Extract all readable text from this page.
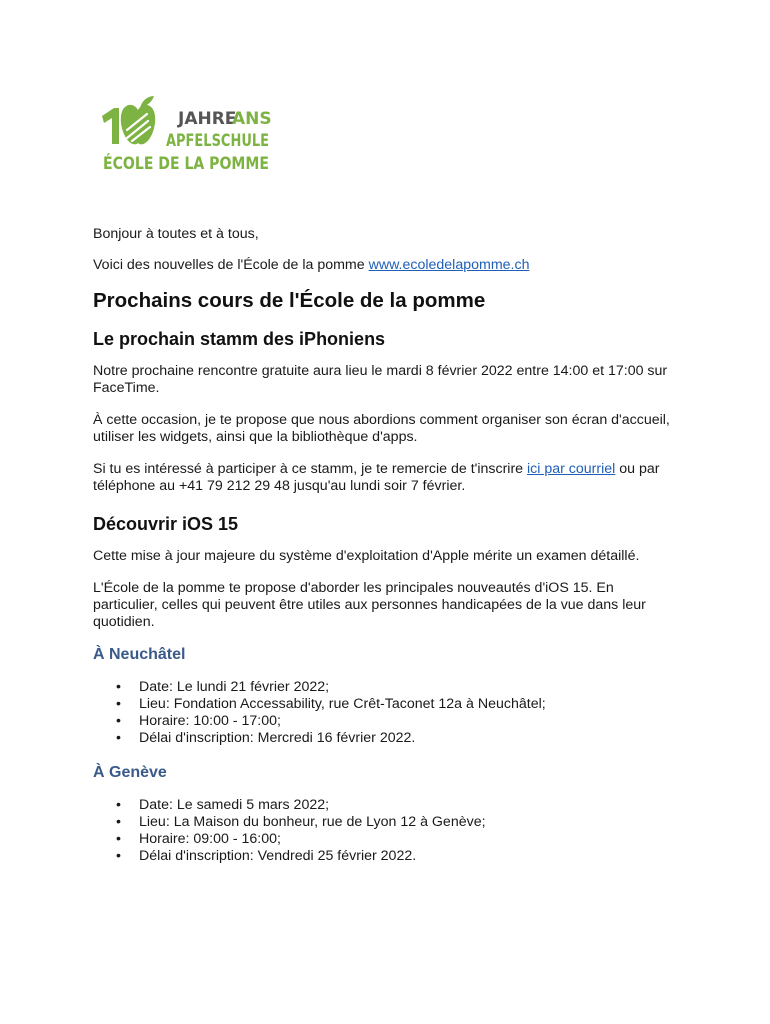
JAHRE
ANS
APFELSCHULE
ÉCOLE DE LA POMME

Bonjour à toutes et à tous,

Voici des nouvelles de l'École de la pomme www.ecoledelapomme.ch

Prochains cours de l'École de la pomme
Le prochain stamm des iPhoniens

Notre prochaine rencontre gratuite aura lieu le mardi 8 février 2022 entre 14:00 et 17:00 sur FaceTime.

À cette occasion, je te propose que nous abordions comment organiser son écran d'accueil, utiliser les widgets, ainsi que la bibliothèque d'apps.

Si tu es intéressé à participer à ce stamm, je te remercie de t'inscrire ici par courriel ou par téléphone au +41 79 212 29 48 jusqu'au lundi soir 7 février.

Découvrir iOS 15

Cette mise à jour majeure du système d'exploitation d'Apple mérite un examen détaillé.

L'École de la pomme te propose d'aborder les principales nouveautés d'iOS 15. En particulier, celles qui peuvent être utiles aux personnes handicapées de la vue dans leur quotidien.

À Neuchâtel
• Date: Le lundi 21 février 2022;
• Lieu: Fondation Accessability, rue Crêt-Taconet 12a à Neuchâtel;
• Horaire: 10:00 - 17:00;
• Délai d'inscription: Mercredi 16 février 2022.
À Genève
• Date: Le samedi 5 mars 2022;
• Lieu: La Maison du bonheur, rue de Lyon 12 à Genève;
• Horaire: 09:00 - 16:00;
• Délai d'inscription: Vendredi 25 février 2022.
